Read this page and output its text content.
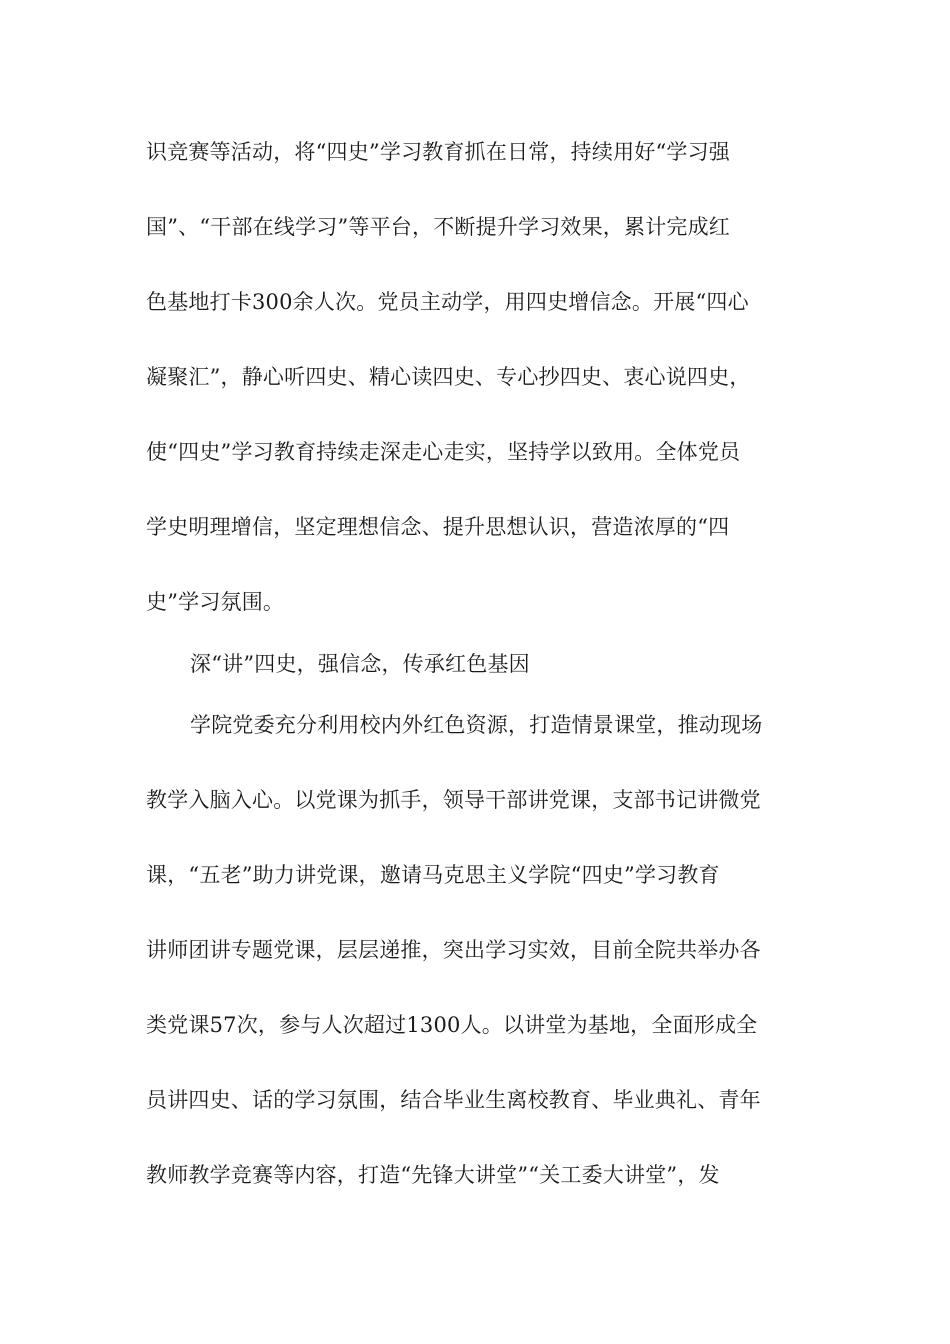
识竞赛等活动，将“四史”学习教育抓在日常，持续用好“学习强
国”、“干部在线学习”等平台，不断提升学习效果，累计完成红
色基地打卡300余人次。党员主动学，用四史增信念。开展“四心
凝聚汇”，静心听四史、精心读四史、专心抄四史、衷心说四史，
使“四史”学习教育持续走深走心走实，坚持学以致用。全体党员
学史明理增信，坚定理想信念、提升思想认识，营造浓厚的“四
史”学习氛围。
深“讲”四史，强信念，传承红色基因
学院党委充分利用校内外红色资源，打造情景课堂，推动现场
教学入脑入心。以党课为抓手，领导干部讲党课，支部书记讲微党
课，“五老”助力讲党课，邀请马克思主义学院“四史”学习教育
讲师团讲专题党课，层层递推，突出学习实效，目前全院共举办各
类党课57次，参与人次超过1300人。以讲堂为基地，全面形成全
员讲四史、话的学习氛围，结合毕业生离校教育、毕业典礼、青年
教师教学竞赛等内容，打造“先锋大讲堂”“关工委大讲堂”，发
